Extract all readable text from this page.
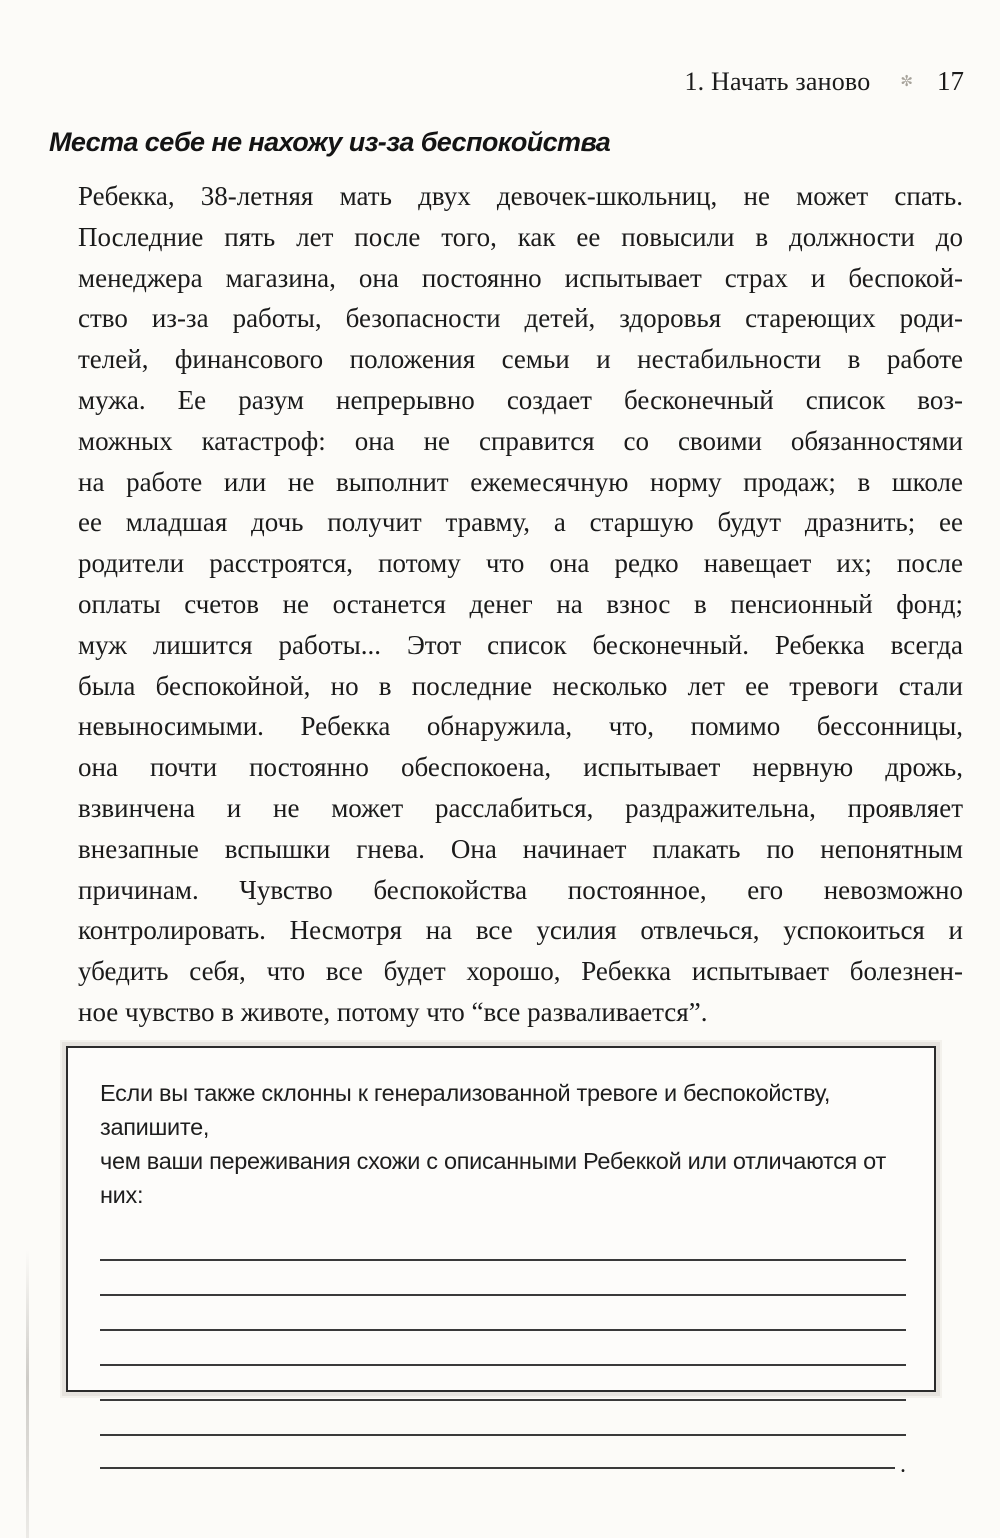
1. Начать заново ✼ 17
Места себе не нахожу из-за беспокойства
Ребекка, 38-летняя мать двух девочек-школьниц, не может спать.
Последние пять лет после того, как ее повысили в должности до
менеджера магазина, она постоянно испытывает страх и беспокой-
ство из-за работы, безопасности детей, здоровья стареющих роди-
телей, финансового положения семьи и нестабильности в работе
мужа. Ее разум непрерывно создает бесконечный список воз-
можных катастроф: она не справится со своими обязанностями
на работе или не выполнит ежемесячную норму продаж; в школе
ее младшая дочь получит травму, а старшую будут дразнить; ее
родители расстроятся, потому что она редко навещает их; после
оплаты счетов не останется денег на взнос в пенсионный фонд;
муж лишится работы... Этот список бесконечный. Ребекка всегда
была беспокойной, но в последние несколько лет ее тревоги стали
невыносимыми. Ребекка обнаружила, что, помимо бессонницы,
она почти постоянно обеспокоена, испытывает нервную дрожь,
взвинчена и не может расслабиться, раздражительна, проявляет
внезапные вспышки гнева. Она начинает плакать по непонятным
причинам. Чувство беспокойства постоянное, его невозможно
контролировать. Несмотря на все усилия отвлечься, успокоиться и
убедить себя, что все будет хорошо, Ребекка испытывает болезнен-
ное чувство в животе, потому что “все разваливается”.
Если вы также склонны к генерализованной тревоге и беспокойству, запишите,
чем ваши переживания схожи с описанными Ребеккой или отличаются от них:
.
